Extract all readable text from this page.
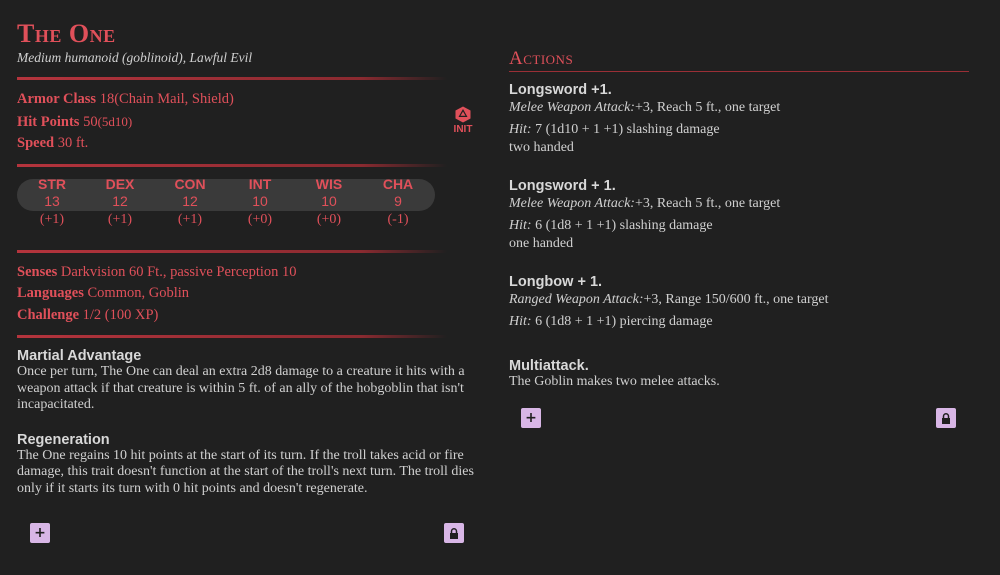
The One
Medium humanoid (goblinoid), Lawful Evil
Armor Class 18(Chain Mail, Shield)
Hit Points 50(5d10)
Speed 30 ft.
INIT
STR
13
(+1)
DEX
12
(+1)
CON
12
(+1)
INT
10
(+0)
WIS
10
(+0)
CHA
9
(-1)
Senses Darkvision 60 Ft., passive Perception 10
Languages Common, Goblin
Challenge 1/2 (100 XP)
Martial Advantage
Once per turn, The One can deal an extra 2d8 damage to a creature it hits with a weapon attack if that creature is within 5 ft. of an ally of the hobgoblin that isn't incapacitated.
Regeneration
The One regains 10 hit points at the start of its turn. If the troll takes acid or fire damage, this trait doesn't function at the start of the troll's next turn. The troll dies only if it starts its turn with 0 hit points and doesn't regenerate.
+
Actions
Longsword +1.
Melee Weapon Attack:+3, Reach 5 ft., one target
Hit: 7 (1d10 + 1 +1) slashing damage
two handed
Longsword + 1.
Melee Weapon Attack:+3, Reach 5 ft., one target
Hit: 6 (1d8 + 1 +1) slashing damage
one handed
Longbow + 1.
Ranged Weapon Attack:+3, Range 150/600 ft., one target
Hit: 6 (1d8 + 1 +1) piercing damage
Multiattack.
The Goblin makes two melee attacks.
+
